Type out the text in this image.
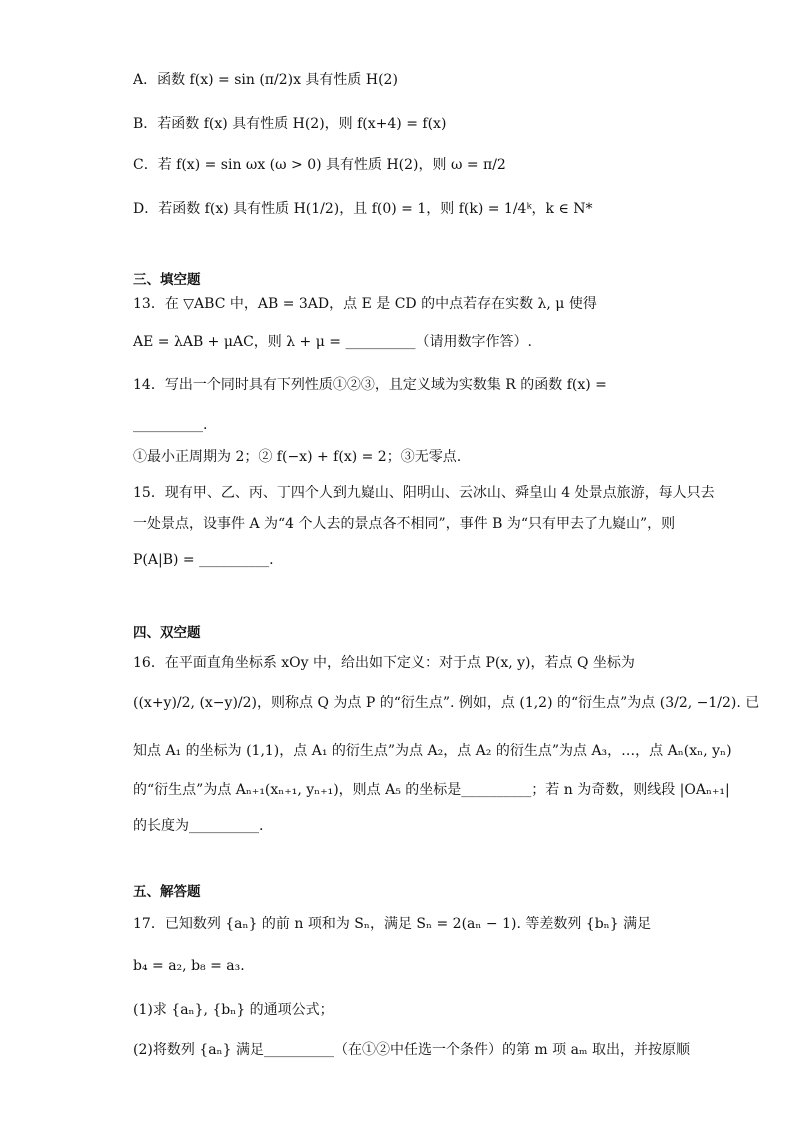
A．函数 f(x) = sin (π/2)x 具有性质 H(2)
B．若函数 f(x) 具有性质 H(2)，则 f(x+4) = f(x)
C．若 f(x) = sin ωx (ω > 0) 具有性质 H(2)，则 ω = π/2
D．若函数 f(x) 具有性质 H(1/2)，且 f(0) = 1，则 f(k) = 1/4ᵏ，k ∈ N*
三、填空题
13．在 ▽ABC 中，AB = 3AD，点 E 是 CD 的中点若存在实数 λ, μ 使得
AE = λAB + μAC，则 λ + μ = __________（请用数字作答）.
14．写出一个同时具有下列性质①②③，且定义域为实数集 R 的函数 f(x) =
__________.
①最小正周期为 2；② f(−x) + f(x) = 2；③无零点.
15．现有甲、乙、丙、丁四个人到九嶷山、阳明山、云冰山、舜皇山 4 处景点旅游，每人只去
一处景点，设事件 A 为“4 个人去的景点各不相同”，事件 B 为“只有甲去了九嶷山”，则
P(A|B) = __________.
四、双空题
16．在平面直角坐标系 xOy 中，给出如下定义：对于点 P(x, y)，若点 Q 坐标为
((x+y)/2, (x−y)/2)，则称点 Q 为点 P 的“衍生点”. 例如，点 (1,2) 的“衍生点”为点 (3/2, −1/2). 已
知点 A₁ 的坐标为 (1,1)，点 A₁ 的衍生点”为点 A₂，点 A₂ 的衍生点”为点 A₃，…，点 Aₙ(xₙ, yₙ)
的“衍生点”为点 Aₙ₊₁(xₙ₊₁, yₙ₊₁)，则点 A₅ 的坐标是__________；若 n 为奇数，则线段 |OAₙ₊₁|
的长度为__________.
五、解答题
17．已知数列 {aₙ} 的前 n 项和为 Sₙ，满足 Sₙ = 2(aₙ − 1). 等差数列 {bₙ} 满足
b₄ = a₂, b₈ = a₃.
(1)求 {aₙ}, {bₙ} 的通项公式；
(2)将数列 {aₙ} 满足__________（在①②中任选一个条件）的第 m 项 aₘ 取出，并按原顺
